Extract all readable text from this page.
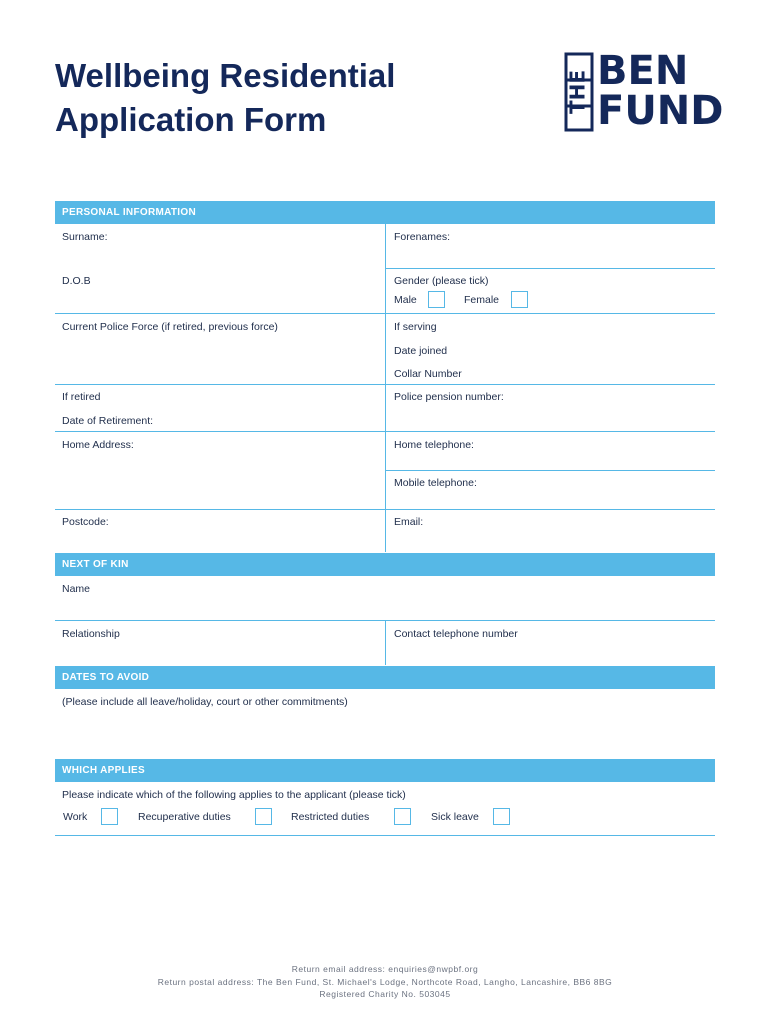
Wellbeing Residential
Application Form
THE BEN
FUND
PERSONAL INFORMATION
Surname:	Forenames:
D.O.B	Gender (please tick)
Male	Female
Current Police Force (if retired, previous force)	If serving
Date joined
Collar Number
If retired	Police pension number:
Date of Retirement:
Home Address:	Home telephone:
Mobile telephone:
Postcode:	Email:
NEXT OF KIN
Name
Relationship	Contact telephone number
DATES TO AVOID
(Please include all leave/holiday, court or other commitments)
WHICH APPLIES
Please indicate which of the following applies to the applicant (please tick)
Work	Recuperative duties	Restricted duties	Sick leave
Return email address: enquiries@nwpbf.org
Return postal address: The Ben Fund, St. Michael's Lodge, Northcote Road, Langho, Lancashire, BB6 8BG
Registered Charity No. 503045
